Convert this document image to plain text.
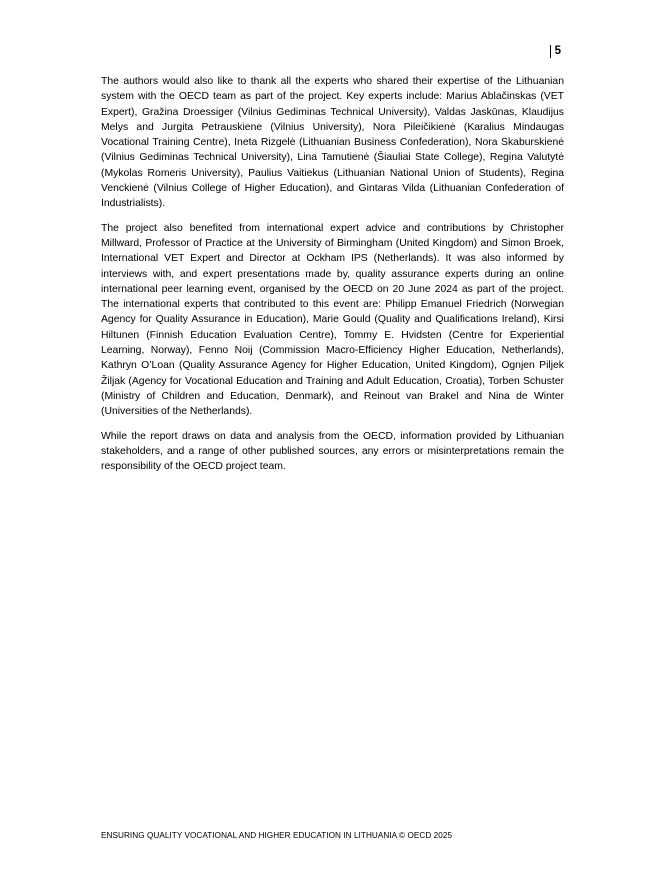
5

The authors would also like to thank all the experts who shared their expertise of the Lithuanian system with the OECD team as part of the project. Key experts include: Marius Ablačinskas (VET Expert), Gražina Droessiger (Vilnius Gediminas Technical University), Valdas Jaskūnas, Klaudijus Melys and Jurgita Petrauskiene (Vilnius University), Nora Pileičikienė (Karalius Mindaugas Vocational Training Centre), Ineta Rizgelė (Lithuanian Business Confederation), Nora Skaburskienė (Vilnius Gediminas Technical University), Lina Tamutienė (Šiauliai State College), Regina Valutytė (Mykolas Romeris University), Paulius Vaitiekus (Lithuanian National Union of Students), Regina Venckienė (Vilnius College of Higher Education), and Gintaras Vilda (Lithuanian Confederation of Industrialists).

The project also benefited from international expert advice and contributions by Christopher Millward, Professor of Practice at the University of Birmingham (United Kingdom) and Simon Broek, International VET Expert and Director at Ockham IPS (Netherlands). It was also informed by interviews with, and expert presentations made by, quality assurance experts during an online international peer learning event, organised by the OECD on 20 June 2024 as part of the project. The international experts that contributed to this event are: Philipp Emanuel Friedrich (Norwegian Agency for Quality Assurance in Education), Marie Gould (Quality and Qualifications Ireland), Kirsi Hiltunen (Finnish Education Evaluation Centre), Tommy E. Hvidsten (Centre for Experiential Learning, Norway), Fenno Noij (Commission Macro-Efficiency Higher Education, Netherlands), Kathryn O’Loan (Quality Assurance Agency for Higher Education, United Kingdom), Ognjen Piljek Žiljak (Agency for Vocational Education and Training and Adult Education, Croatia), Torben Schuster (Ministry of Children and Education, Denmark), and Reinout van Brakel and Nina de Winter (Universities of the Netherlands).

While the report draws on data and analysis from the OECD, information provided by Lithuanian stakeholders, and a range of other published sources, any errors or misinterpretations remain the responsibility of the OECD project team.

ENSURING QUALITY VOCATIONAL AND HIGHER EDUCATION IN LITHUANIA © OECD 2025
